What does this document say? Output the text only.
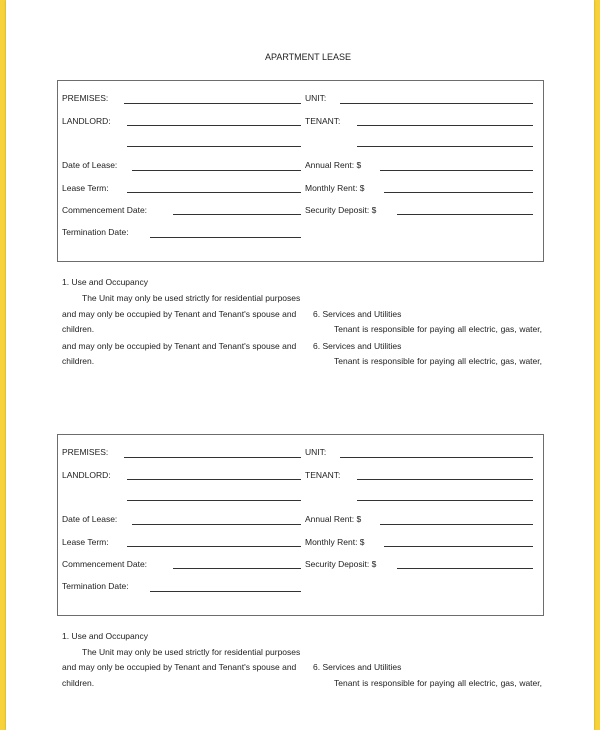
APARTMENT LEASE
PREMISES:	UNIT:
LANDLORD:	TENANT:
Date of Lease:	Annual Rent: $
Lease Term:	Monthly Rent: $
Commencement Date:	Security Deposit: $
Termination Date:
1. Use and Occupancy
The Unit may only be used strictly for residential purposes
and may only be occupied by Tenant and Tenant's spouse and
children.
and may only be occupied by Tenant and Tenant's spouse and
children.
6. Services and Utilities
6. Services and Utilities
Tenant is responsible for paying all electric, gas, water,
Tenant is responsible for paying all electric, gas, water,
PREMISES:	UNIT:
LANDLORD:	TENANT:
Date of Lease:	Annual Rent: $
Lease Term:	Monthly Rent: $
Commencement Date:	Security Deposit: $
Termination Date:
1. Use and Occupancy
The Unit may only be used strictly for residential purposes
and may only be occupied by Tenant and Tenant's spouse and
children.
6. Services and Utilities
Tenant is responsible for paying all electric, gas, water,
